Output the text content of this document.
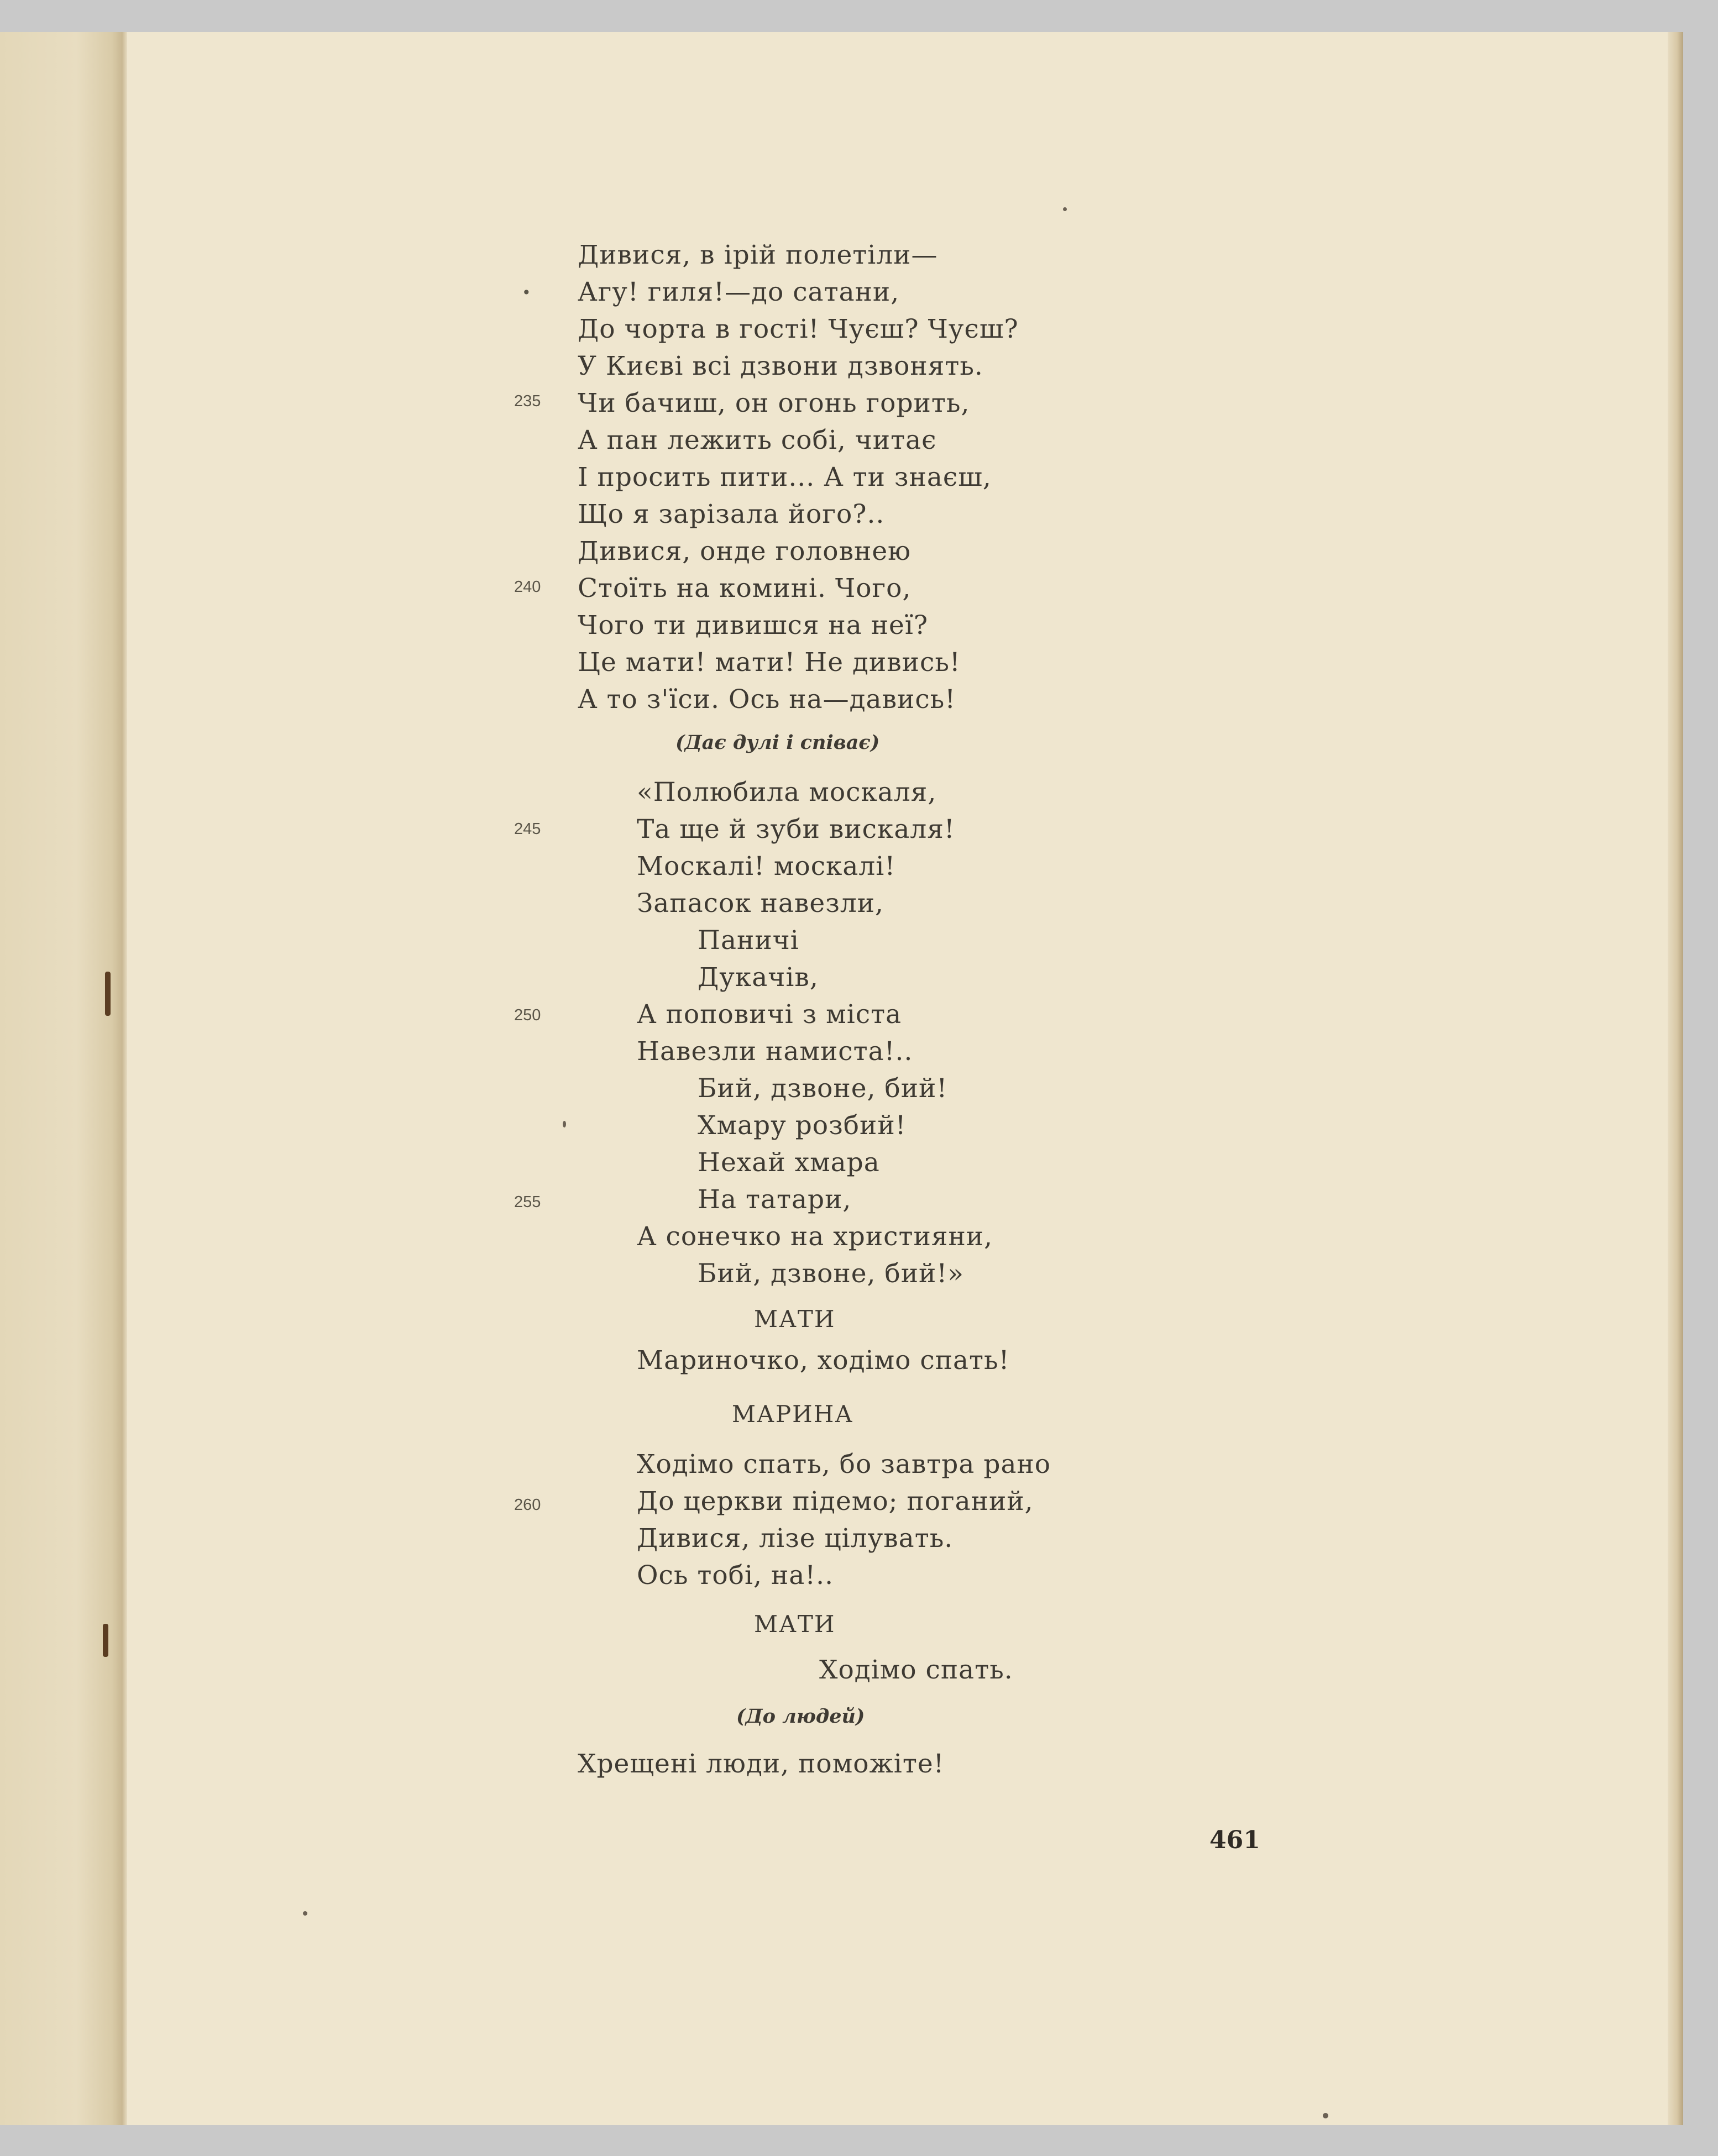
•
235
240
245
250
255
260
Дивися, в ірій полетіли—
Агу! гиля!—до сатани,
До чорта в гості! Чуєш? Чуєш?
У Києві всі дзвони дзвонять.
Чи бачиш, он огонь горить,
А пан лежить собі, читає
І просить пити... А ти знаєш,
Що я зарізала його?..
Дивися, онде головнею
Стоїть на комині. Чого,
Чого ти дивишся на неї?
Це мати! мати! Не дивись!
А то з'їси. Ось на—давись!
(Дає дулі і співає)
«Полюбила москаля,
Та ще й зуби вискаля!
Москалі! москалі!
Запасок навезли,
Паничі
Дукачів,
А поповичі з міста
Навезли намиста!..
Бий, дзвоне, бий!
Хмару розбий!
Нехай хмара
На татари,
А сонечко на християни,
Бий, дзвоне, бий!»
МАТИ
Мариночко, ходімо спать!
МАРИНА
Ходімо спать, бо завтра рано
До церкви підемо; поганий,
Дивися, лізе цілувать.
Ось тобі, на!..
МАТИ
Ходімо спать.
(До людей)
Хрещені люди, поможіте!
461
